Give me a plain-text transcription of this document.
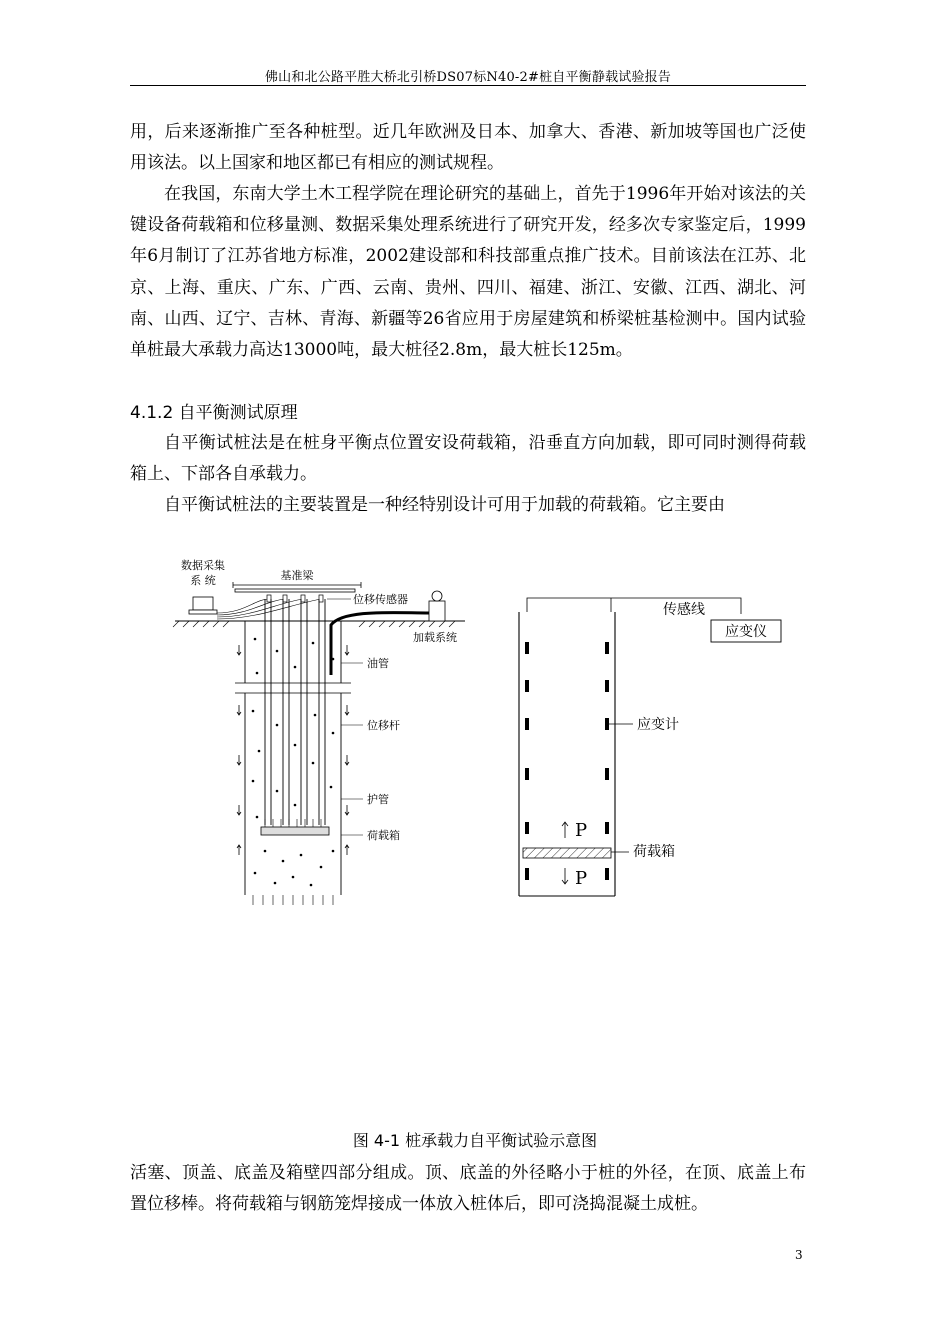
佛山和北公路平胜大桥北引桥DS07标N40-2#桩自平衡静载试验报告
用，后来逐渐推广至各种桩型。近几年欧洲及日本、加拿大、香港、新加坡等国也广泛使用该法。以上国家和地区都已有相应的测试规程。
在我国，东南大学土木工程学院在理论研究的基础上，首先于1996年开始对该法的关键设备荷载箱和位移量测、数据采集处理系统进行了研究开发，经多次专家鉴定后，1999年6月制订了江苏省地方标准，2002建设部和科技部重点推广技术。目前该法在江苏、北京、上海、重庆、广东、广西、云南、贵州、四川、福建、浙江、安徽、江西、湖北、河南、山西、辽宁、吉林、青海、新疆等26省应用于房屋建筑和桥梁桩基检测中。国内试验单桩最大承载力高达13000吨，最大桩径2.8m，最大桩长125m。
4.1.2 自平衡测试原理
自平衡试桩法是在桩身平衡点位置安设荷载箱，沿垂直方向加载，即可同时测得荷载箱上、下部各自承载力。
自平衡试桩法的主要装置是一种经特别设计可用于加载的荷载箱。它主要由
数据采集
系 统	基准梁
位移传感器
加载系统
油管
位移杆
护管
荷载箱
传感线
应变仪
应变计
荷载箱
P
P
图 4-1 桩承载力自平衡试验示意图
活塞、顶盖、底盖及箱壁四部分组成。顶、底盖的外径略小于桩的外径，在顶、底盖上布置位移棒。将荷载箱与钢筋笼焊接成一体放入桩体后，即可浇捣混凝土成桩。
3
